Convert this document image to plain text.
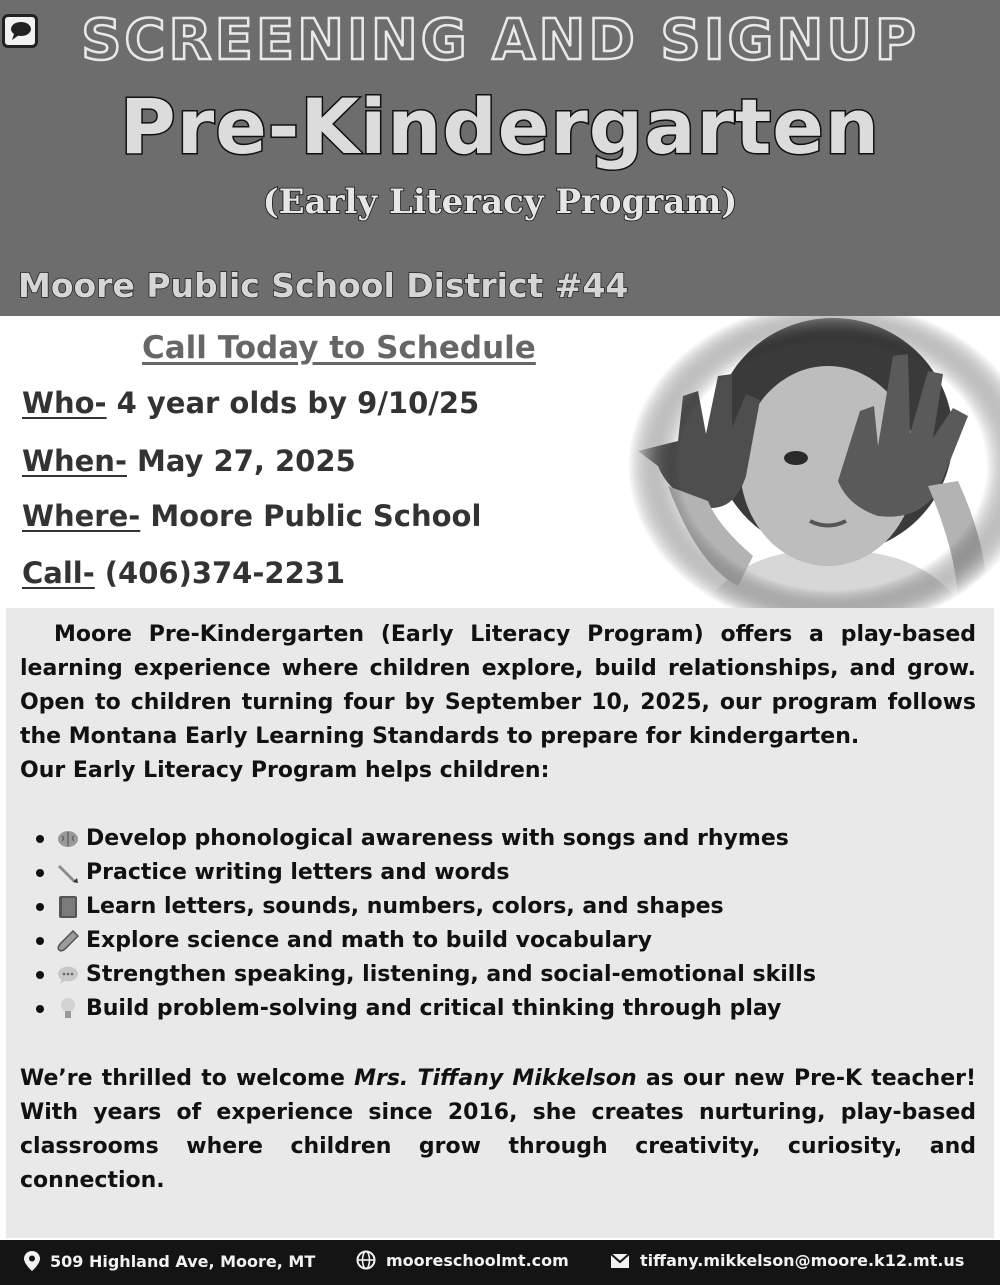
SCREENING AND SIGNUP
Pre-Kindergarten
(Early Literacy Program)
Moore Public School District #44
Call Today to Schedule
Who- 4 year olds by 9/10/25
When- May 27, 2025
Where- Moore Public School
Call- (406)374-2231

Moore Pre-Kindergarten (Early Literacy Program) offers a play-based learning experience where children explore, build relationships, and grow. Open to children turning four by September 10, 2025, our program follows the Montana Early Learning Standards to prepare for kindergarten.

Our Early Literacy Program helps children:

Develop phonological awareness with songs and rhymes
Practice writing letters and words
Learn letters, sounds, numbers, colors, and shapes
Explore science and math to build vocabulary
Strengthen speaking, listening, and social-emotional skills
Build problem-solving and critical thinking through play

We’re thrilled to welcome Mrs. Tiffany Mikkelson as our new Pre-K teacher! With years of experience since 2016, she creates nurturing, play-based classrooms where children grow through creativity, curiosity, and connection.

509 Highland Ave, Moore, MT	mooreschoolmt.com	tiffany.mikkelson@moore.k12.mt.us
